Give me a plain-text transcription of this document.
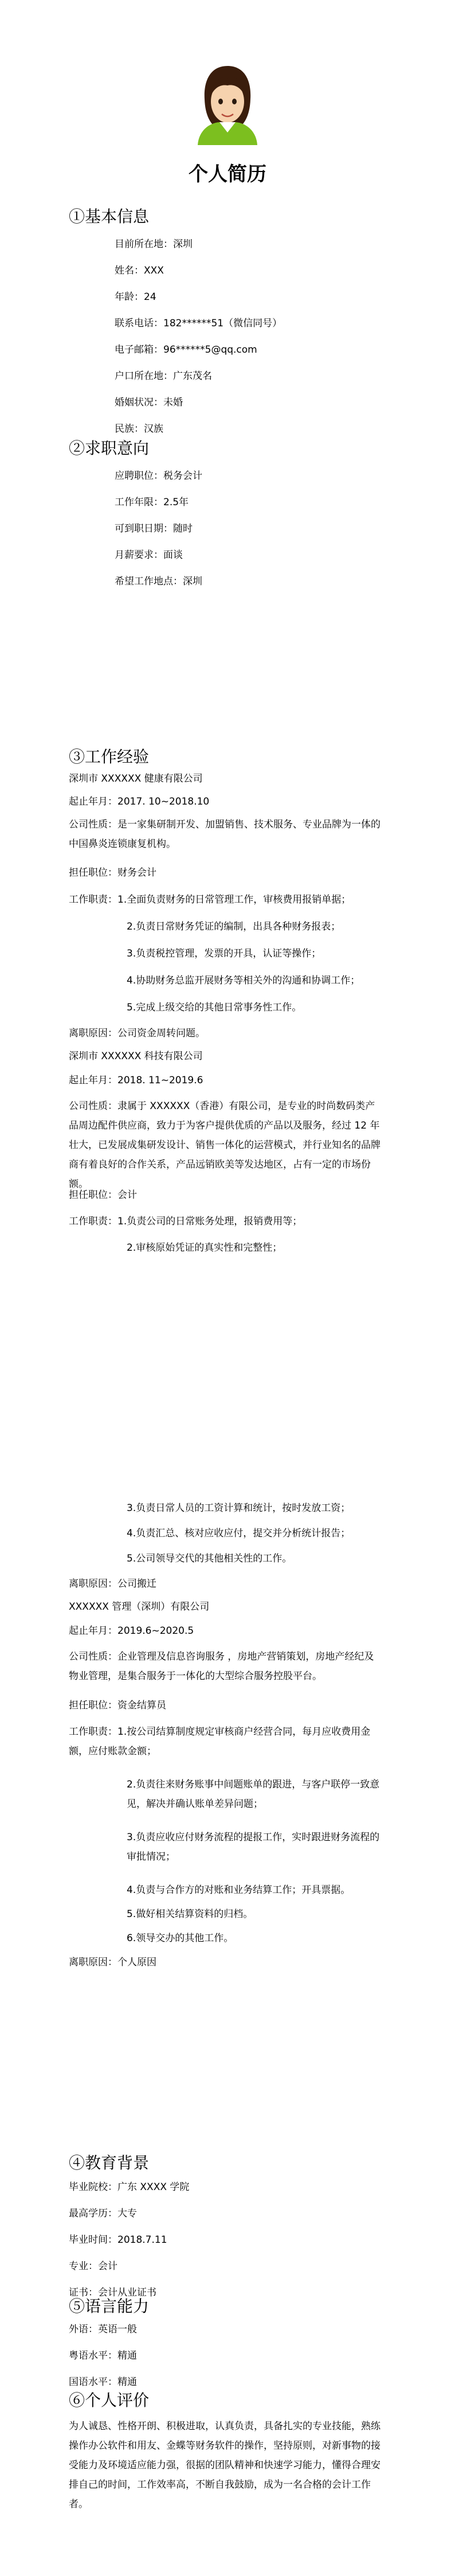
个人简历
①基本信息
目前所在地：深圳
姓名：XXX
年龄：24
联系电话：182******51（微信同号）
电子邮箱：96******5@qq.com
户口所在地：广东茂名
婚姻状况：未婚
民族：汉族
②求职意向
应聘职位：税务会计
工作年限：2.5年
可到职日期：随时
月薪要求：面谈
希望工作地点：深圳
③工作经验
深圳市 XXXXXX 健康有限公司
起止年月：2017. 10~2018.10
公司性质：是一家集研制开发、加盟销售、技术服务、专业品牌为一体的中国鼻炎连锁康复机构。
担任职位：财务会计
工作职责：1.全面负责财务的日常管理工作，审核费用报销单据；
2.负责日常财务凭证的编制，出具各种财务报表；
3.负责税控管理，发票的开具，认证等操作；
4.协助财务总监开展财务等相关外的沟通和协调工作；
5.完成上级交给的其他日常事务性工作。
离职原因：公司资金周转问题。
深圳市 XXXXXX 科技有限公司
起止年月：2018. 11~2019.6
公司性质：隶属于 XXXXXX（香港）有限公司，是专业的时尚数码类产品周边配件供应商，致力于为客户提供优质的产品以及服务，经过 12 年壮大，已发展成集研发设计、销售一体化的运营模式，并行业知名的品牌商有着良好的合作关系，产品远销欧美等发达地区，占有一定的市场份额。
担任职位：会计
工作职责：1.负责公司的日常账务处理，报销费用等；
2.审核原始凭证的真实性和完整性；
3.负责日常人员的工资计算和统计，按时发放工资；
4.负责汇总、核对应收应付，提交并分析统计报告；
5.公司领导交代的其他相关性的工作。
离职原因：公司搬迁
XXXXXX 管理（深圳）有限公司
起止年月：2019.6~2020.5
公司性质：企业管理及信息咨询服务 ，房地产营销策划，房地产经纪及物业管理，是集合服务于一体化的大型综合服务控股平台。
担任职位：资金结算员
工作职责：1.按公司结算制度规定审核商户经营合同，每月应收费用金额，应付账款金额；
2.负责往来财务账事中间题账单的跟进，与客户联停一致意见，解决并确认账单差异问题；
3.负责应收应付财务流程的提报工作，实时跟进财务流程的审批情况；
4.负责与合作方的对账和业务结算工作；开具票据。
5.做好相关结算资料的归档。
6.领导交办的其他工作。
离职原因：个人原因
④教育背景
毕业院校：广东 XXXX 学院
最高学历：大专
毕业时间：2018.7.11
专业：会计
证书：会计从业证书
⑤语言能力
外语：英语一般
粤语水平：精通
国语水平：精通
⑥个人评价
为人诚恳、性格开朗、积极进取，认真负责，具备扎实的专业技能，熟练操作办公软件和用友、金蝶等财务软件的操作，坚持原则，对新事物的接受能力及环境适应能力强，很据的团队精神和快速学习能力，懂得合理安排自己的时间，工作效率高，不断自我鼓励，成为一名合格的会计工作者。
